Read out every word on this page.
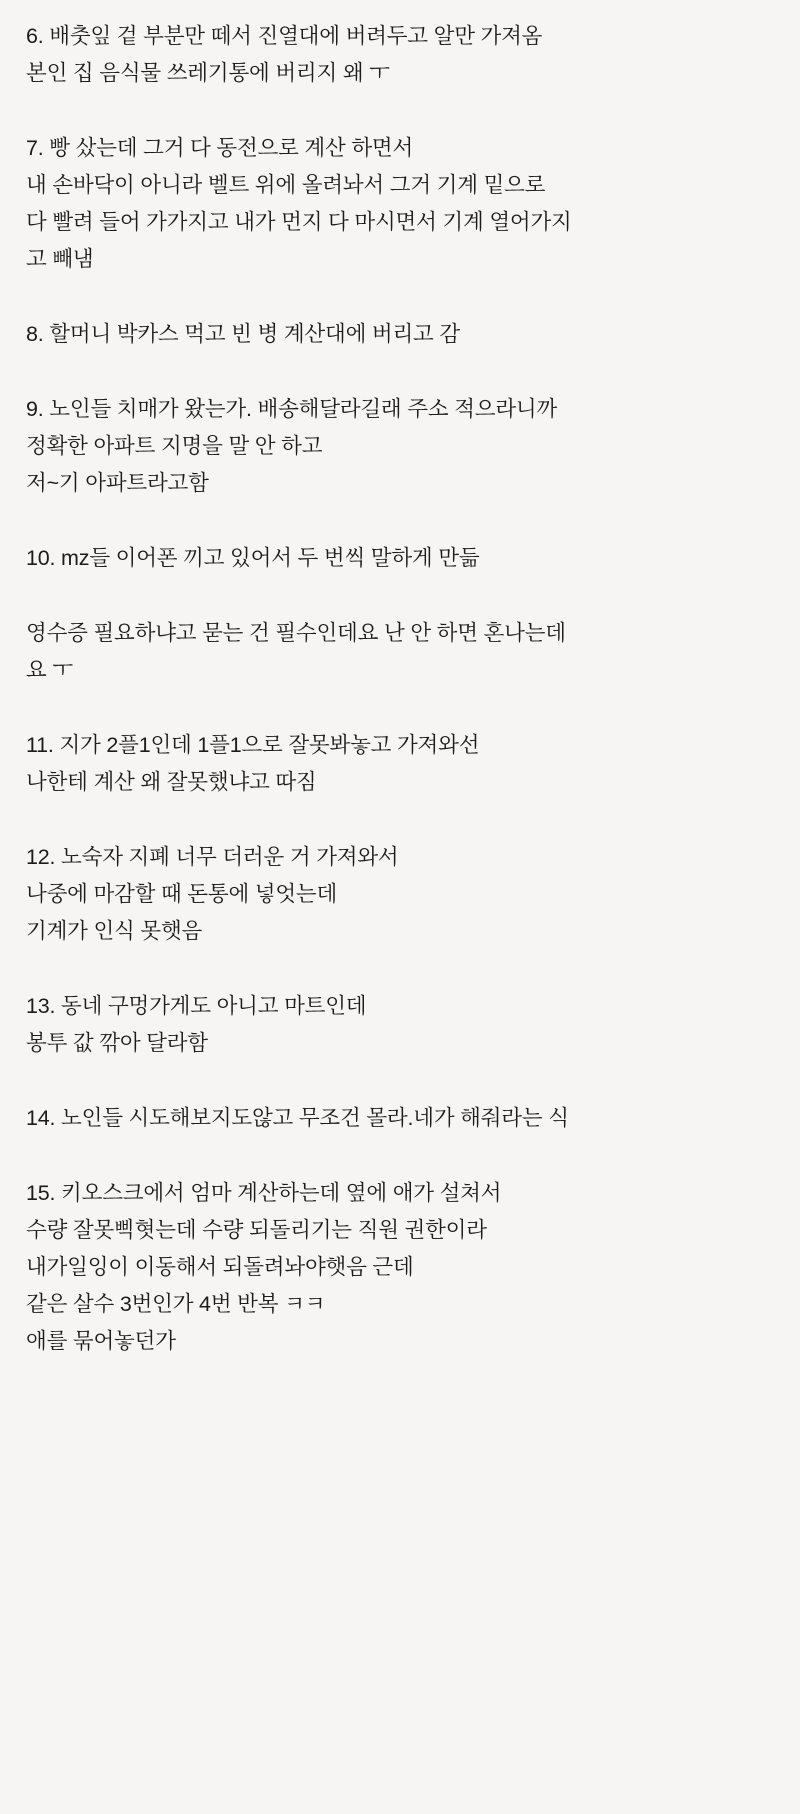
6. 배춧잎 겉 부분만 떼서 진열대에 버려두고 알만 가져옴
본인 집 음식물 쓰레기통에 버리지 왜 ㅜ
7. 빵 샀는데 그거 다 동전으로 계산 하면서
내 손바닥이 아니라 벨트 위에 올려놔서 그거 기계 밑으로
다 빨려 들어 가가지고 내가 먼지 다 마시면서 기계 열어가지
고 빼냄
8. 할머니 박카스 먹고 빈 병 계산대에 버리고 감
9. 노인들 치매가 왔는가. 배송해달라길래 주소 적으라니까
정확한 아파트 지명을 말 안 하고
저~기 아파트라고함
10. mz들 이어폰 끼고 있어서 두 번씩 말하게 만듦
영수증 필요하냐고 묻는 건 필수인데요 난 안 하면 혼나는데
요 ㅜ
11. 지가 2플1인데 1플1으로 잘못봐놓고 가져와선
나한테 계산 왜 잘못했냐고 따짐
12. 노숙자 지폐 너무 더러운 거 가져와서
나중에 마감할 때 돈통에 넣엇는데
기계가 인식 못햇음
13. 동네 구멍가게도 아니고 마트인데
봉투 값 깎아 달라함
14. 노인들 시도해보지도않고 무조건 몰라.네가 해줘라는 식
15. 키오스크에서 엄마 계산하는데 옆에 애가 설쳐서
수량 잘못삑혓는데 수량 되돌리기는 직원 권한이라
내가일잉이 이동해서 되돌려놔야햇음 근데
같은 살수 3번인가 4번 반복 ㅋㅋ
애를 묶어놓던가
